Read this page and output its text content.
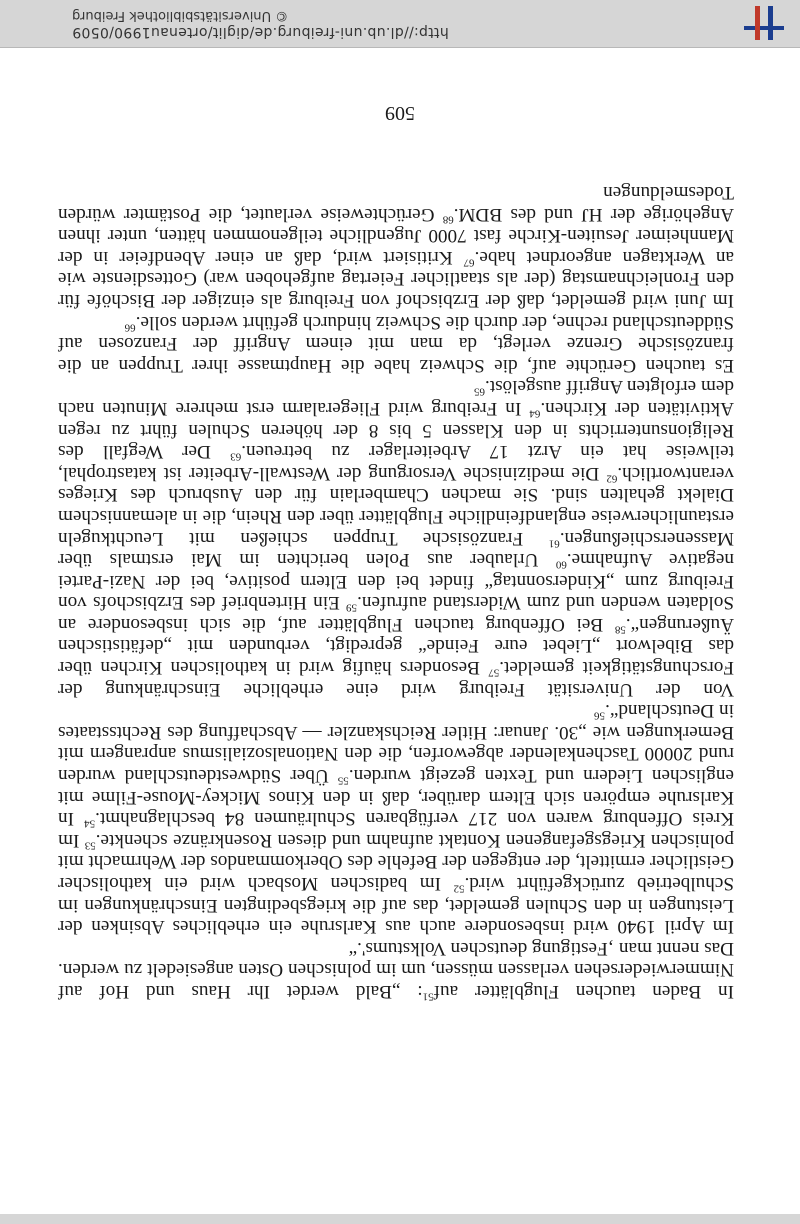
In Baden tauchen Flugblätter auf$^{51}$: „Bald werdet Ihr Haus und Hof auf Nimmerwiedersehen verlassen müssen, um im polnischen Osten angesiedelt zu werden. Das nennt man ‚Festigung deutschen Volkstums'.“

Im April 1940 wird insbesondere auch aus Karlsruhe ein erhebliches Absinken der Leistungen in den Schulen gemeldet, das auf die kriegsbedingten Einschränkungen im Schulbetrieb zurückgeführt wird.$^{52}$ Im badischen Mosbach wird ein katholischer Geistlicher ermittelt, der entgegen der Befehle des Oberkommandos der Wehrmacht mit polnischen Kriegsgefangenen Kontakt aufnahm und diesen Rosenkränze schenkte.$^{53}$ Im Kreis Offenburg waren von 217 verfügbaren Schulräumen 84 beschlagnahmt.$^{54}$ In Karlsruhe empören sich Eltern darüber, daß in den Kinos Mickey-Mouse-Filme mit englischen Liedern und Texten gezeigt wurden.$^{55}$ Über Südwestdeutschland wurden rund 20000 Taschenkalender abgeworfen, die den Nationalsozialismus anprangern mit Bemerkungen wie „30. Januar: Hitler Reichskanzler — Abschaffung des Rechtsstaates in Deutschland“.$^{56}$

Von der Universität Freiburg wird eine erhebliche Einschränkung der Forschungstätigkeit gemeldet.$^{57}$ Besonders häufig wird in katholischen Kirchen über das Bibelwort „Liebet eure Feinde“ gepredigt, verbunden mit „defätistischen Äußerungen“.$^{58}$ Bei Offenburg tauchen Flugblätter auf, die sich insbesondere an Soldaten wenden und zum Widerstand aufrufen.$^{59}$ Ein Hirtenbrief des Erzbischofs von Freiburg zum „Kindersonntag“ findet bei den Eltern positive, bei der Nazi-Partei negative Aufnahme.$^{60}$ Urlauber aus Polen berichten im Mai erstmals über Massenerschießungen.$^{61}$ Französische Truppen schießen mit Leuchtkugeln erstaunlicherweise englandfeindliche Flugblätter über den Rhein, die in alemannischem Dialekt gehalten sind. Sie machen Chamberlain für den Ausbruch des Krieges verantwortlich.$^{62}$ Die medizinische Versorgung der Westwall-Arbeiter ist katastrophal, teilweise hat ein Arzt 17 Arbeiterlager zu betreuen.$^{63}$ Der Wegfall des Religionsunterrichts in den Klassen 5 bis 8 der höheren Schulen führt zu regen Aktivitäten der Kirchen.$^{64}$ In Freiburg wird Fliegeralarm erst mehrere Minuten nach dem erfolgten Angriff ausgelöst.$^{65}$

Es tauchen Gerüchte auf, die Schweiz habe die Hauptmasse ihrer Truppen an die französische Grenze verlegt, da man mit einem Angriff der Franzosen auf Süddeutschland rechne, der durch die Schweiz hindurch geführt werden solle.$^{66}$

Im Juni wird gemeldet, daß der Erzbischof von Freiburg als einziger der Bischöfe für den Fronleichnamstag (der als staatlicher Feiertag aufgehoben war) Gottesdienste wie an Werktagen angeordnet habe.$^{67}$ Kritisiert wird, daß an einer Abendfeier in der Mannheimer Jesuiten-Kirche fast 7000 Jugendliche teilgenommen hätten, unter ihnen Angehörige der HJ und des BDM.$^{68}$ Gerüchteweise verlautet, die Postämter würden Todesmeldungen

509
http://dl.ub.uni-freiburg.de/diglit/ortenau1990/0509
© Universitätsbibliothek Freiburg
